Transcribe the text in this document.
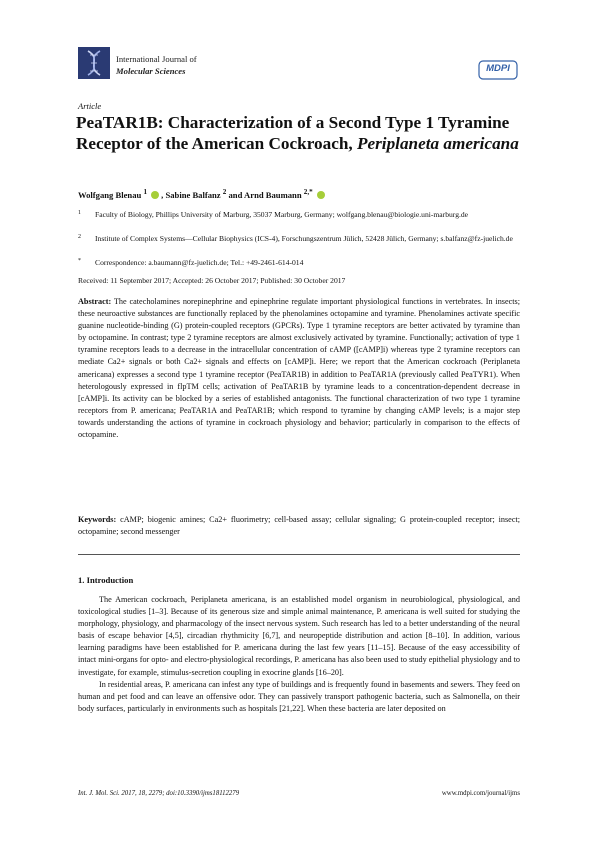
International Journal of
Molecular Sciences	MDPI
Article
PeaTAR1B: Characterization of a Second Type 1 Tyramine Receptor of the American Cockroach, Periplaneta americana
Wolfgang Blenau $^1$ , Sabine Balfanz $^2$ and Arnd Baumann $^{2,*}$
1	Faculty of Biology, Phillips University of Marburg, 35037 Marburg, Germany; wolfgang.blenau@biologie.uni-marburg.de
2	Institute of Complex Systems—Cellular Biophysics (ICS-4), Forschungszentrum Jülich, 52428 Jülich, Germany; s.balfanz@fz-juelich.de
*	Correspondence: a.baumann@fz-juelich.de; Tel.: +49-2461-614-014
Received: 11 September 2017; Accepted: 26 October 2017; Published: 30 October 2017
Abstract: The catecholamines norepinephrine and epinephrine regulate important physiological functions in vertebrates. In insects; these neuroactive substances are functionally replaced by the phenolamines octopamine and tyramine. Phenolamines activate specific guanine nucleotide-binding (G) protein-coupled receptors (GPCRs). Type 1 tyramine receptors are better activated by tyramine than by octopamine. In contrast; type 2 tyramine receptors are almost exclusively activated by tyramine. Functionally; activation of type 1 tyramine receptors leads to a decrease in the intracellular concentration of cAMP ([cAMP]i) whereas type 2 tyramine receptors can mediate Ca2+ signals or both Ca2+ signals and effects on [cAMP]i. Here; we report that the American cockroach (Periplaneta americana) expresses a second type 1 tyramine receptor (PeaTAR1B) in addition to PeaTAR1A (previously called PeaTYR1). When heterologously expressed in flpTM cells; activation of PeaTAR1B by tyramine leads to a concentration-dependent decrease in [cAMP]i. Its activity can be blocked by a series of established antagonists. The functional characterization of two type 1 tyramine receptors from P. americana; PeaTAR1A and PeaTAR1B; which respond to tyramine by changing cAMP levels; is a major step towards understanding the actions of tyramine in cockroach physiology and behavior; particularly in comparison to the effects of octopamine.
Keywords: cAMP; biogenic amines; Ca2+ fluorimetry; cell-based assay; cellular signaling; G protein-coupled receptor; insect; octopamine; second messenger
1. Introduction

The American cockroach, Periplaneta americana, is an established model organism in neurobiological, physiological, and toxicological studies [1–3]. Because of its generous size and simple animal maintenance, P. americana is well suited for studying the morphology, physiology, and pharmacology of the insect nervous system. Such research has led to a better understanding of the neural basis of escape behavior [4,5], circadian rhythmicity [6,7], and neuropeptide distribution and action [8–10]. In addition, various learning paradigms have been established for P. americana during the last few years [11–15]. Because of the easy accessibility of intact mini-organs for opto- and electro-physiological recordings, P. americana has also been used to study epithelial physiology and to investigate, for example, stimulus-secretion coupling in exocrine glands [16–20].

In residential areas, P. americana can infest any type of buildings and is frequently found in basements and sewers. They feed on human and pet food and can leave an offensive odor. They can passively transport pathogenic bacteria, such as Salmonella, on their body surfaces, particularly in environments such as hospitals [21,22]. When these bacteria are later deposited on

Int. J. Mol. Sci. 2017, 18, 2279; doi:10.3390/ijms18112279	www.mdpi.com/journal/ijms
